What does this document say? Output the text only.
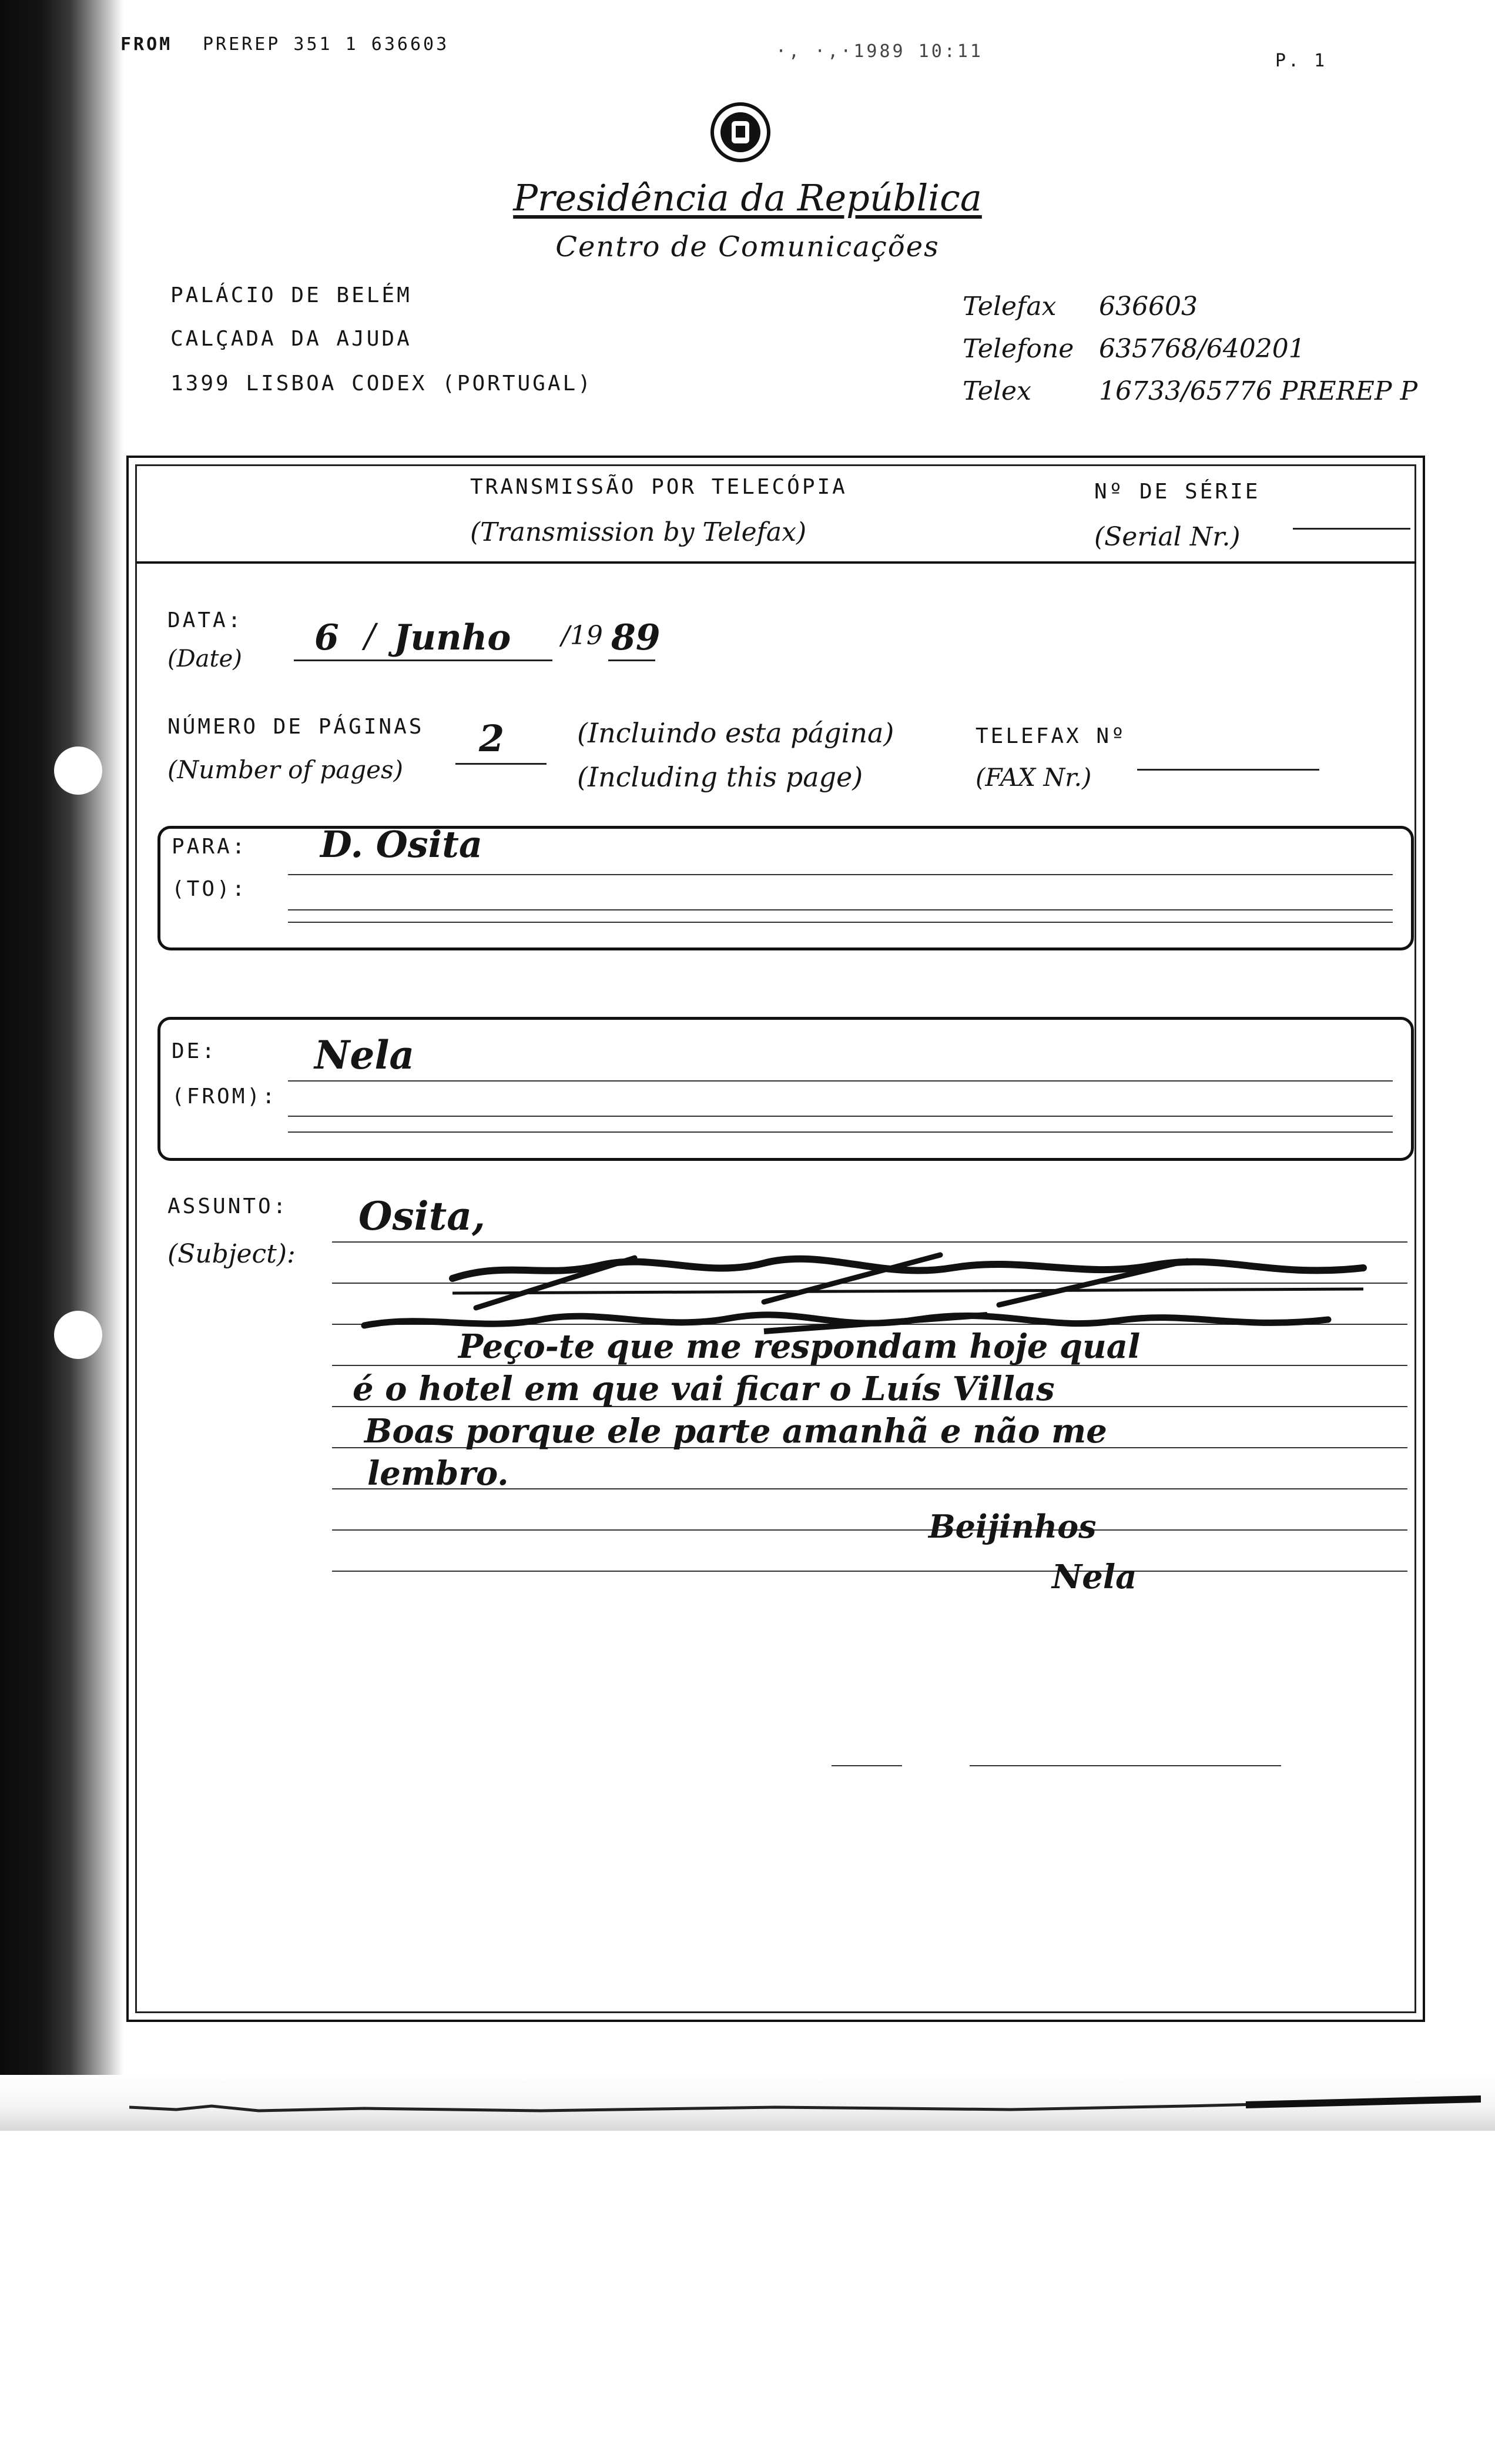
FROM PREREP 351 1 636603	·, ·,·1989 10:11	P. 1
Presidência da República
Centro de Comunicações
PALÁCIO DE BELÉM
CALÇADA DA AJUDA
1399 LISBOA CODEX (PORTUGAL)
Telefax 636603
Telefone 635768/640201
Telex	16733/65776 PREREP P
TRANSMISSÃO POR TELECÓPIA
(Transmission by Telefax)
Nº DE SÉRIE
(Serial Nr.)
DATA:
(Date)
6 / Junho /19 89
NÚMERO DE PÁGINAS
(Number of pages)
2	(Incluindo esta página)
(Including this page)
TELEFAX Nº
(FAX Nr.)
PARA:
(TO):
D. Osita
DE:
(FROM):
Nela
ASSUNTO:
(Subject):
Osita,
Peço-te que me respondam hoje qual
é o hotel em que vai ficar o Luís Villas
Boas porque ele parte amanhã e não me
lembro.
Beijinhos
Nela
